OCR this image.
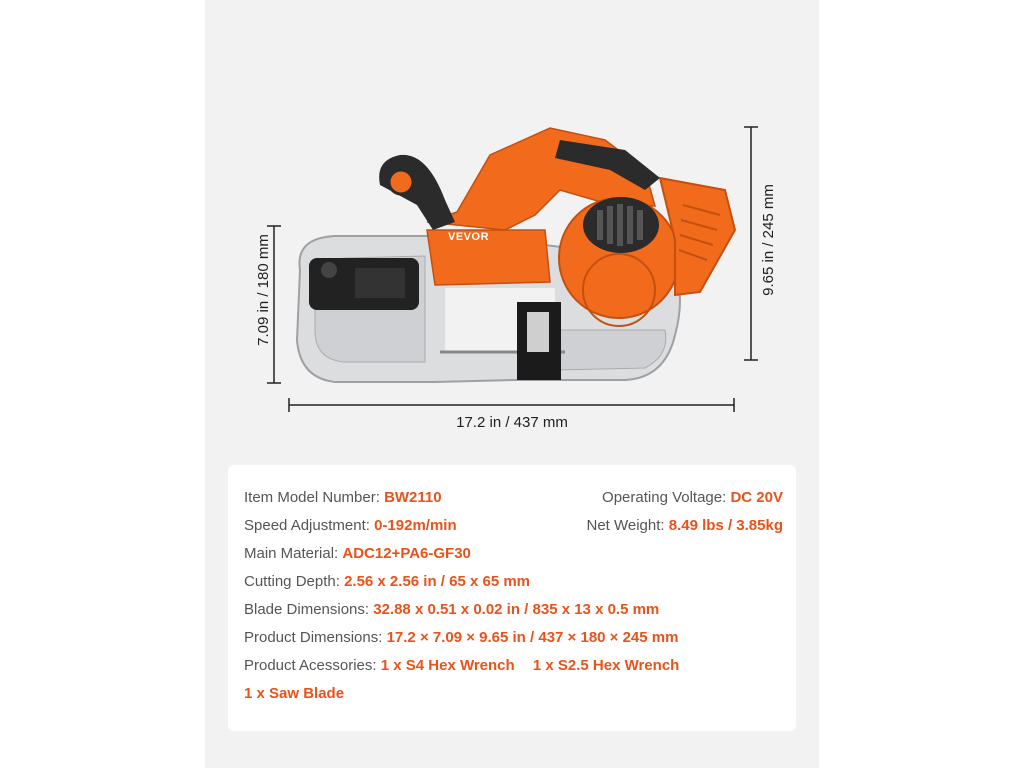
VEVOR
17.2 in / 437 mm
7.09 in / 180 mm	9.65 in / 245 mm
Item Model Number: BW2110	Operating Voltage: DC 20V
Speed Adjustment: 0-192m/min	Net Weight: 8.49 lbs / 3.85kg
Main Material: ADC12+PA6-GF30
Cutting Depth: 2.56 x 2.56 in / 65 x 65 mm
Blade Dimensions: 32.88 x 0.51 x 0.02 in / 835 x 13 x 0.5 mm
Product Dimensions: 17.2 × 7.09 × 9.65 in / 437 × 180 × 245 mm
Product Acessories: 1 x S4 Hex Wrench 1 x S2.5 Hex Wrench
1 x Saw Blade
